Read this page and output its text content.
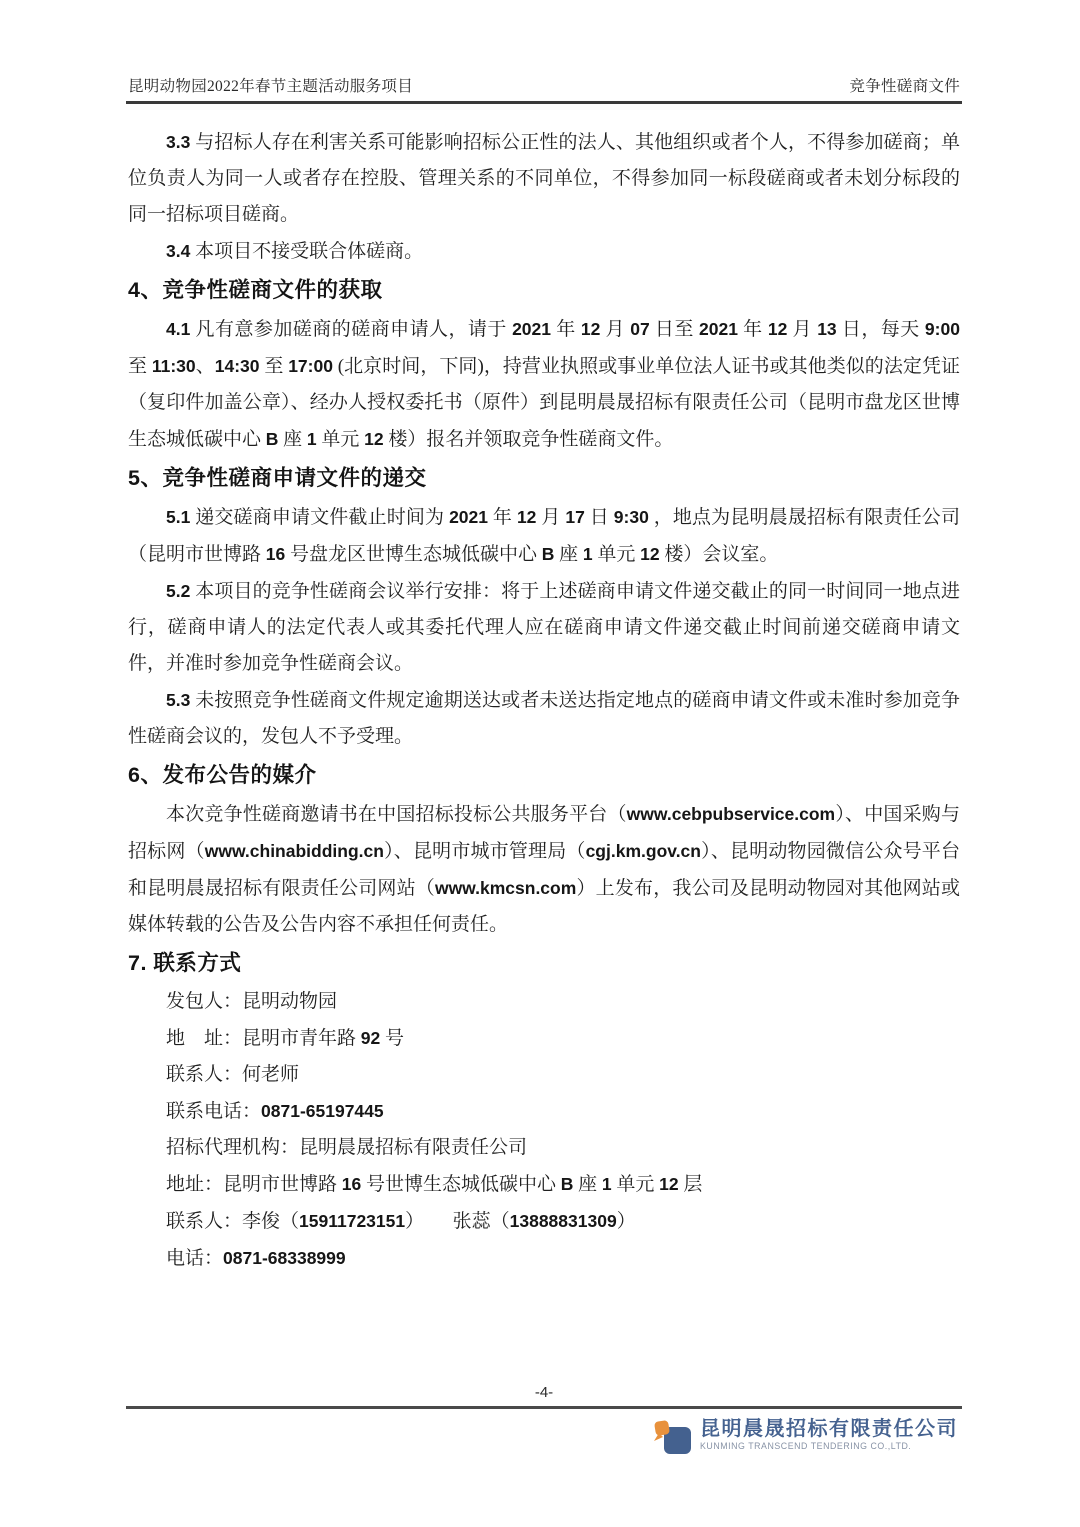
昆明动物园2022年春节主题活动服务项目	竞争性磋商文件

3.3 与招标人存在利害关系可能影响招标公正性的法人、其他组织或者个人，不得参加磋商；单位负责人为同一人或者存在控股、管理关系的不同单位，不得参加同一标段磋商或者未划分标段的同一招标项目磋商。

3.4 本项目不接受联合体磋商。

4、竞争性磋商文件的获取

4.1 凡有意参加磋商的磋商申请人，请于 2021 年 12 月 07 日至 2021 年 12 月 13 日，每天 9:00 至 11:30、14:30 至 17:00 (北京时间，下同)，持营业执照或事业单位法人证书或其他类似的法定凭证（复印件加盖公章）、经办人授权委托书（原件）到昆明晨晟招标有限责任公司（昆明市盘龙区世博生态城低碳中心 B 座 1 单元 12 楼）报名并领取竞争性磋商文件。

5、竞争性磋商申请文件的递交

5.1 递交磋商申请文件截止时间为 2021 年 12 月 17 日 9:30 ，地点为昆明晨晟招标有限责任公司（昆明市世博路 16 号盘龙区世博生态城低碳中心 B 座 1 单元 12 楼）会议室。

5.2 本项目的竞争性磋商会议举行安排：将于上述磋商申请文件递交截止的同一时间同一地点进行，磋商申请人的法定代表人或其委托代理人应在磋商申请文件递交截止时间前递交磋商申请文件，并准时参加竞争性磋商会议。

5.3 未按照竞争性磋商文件规定逾期送达或者未送达指定地点的磋商申请文件或未准时参加竞争性磋商会议的，发包人不予受理。

6、发布公告的媒介

本次竞争性磋商邀请书在中国招标投标公共服务平台（www.cebpubservice.com）、中国采购与招标网（www.chinabidding.cn）、昆明市城市管理局（cgj.km.gov.cn）、昆明动物园微信公众号平台和昆明晨晟招标有限责任公司网站（www.kmcsn.com）上发布，我公司及昆明动物园对其他网站或媒体转载的公告及公告内容不承担任何责任。

7. 联系方式
发包人：昆明动物园
地　址：昆明市青年路 92 号
联系人：何老师
联系电话：0871-65197445
招标代理机构：昆明晨晟招标有限责任公司
地址：昆明市世博路 16 号世博生态城低碳中心 B 座 1 单元 12 层
联系人：李俊（15911723151）　　张蕊（13888831309）
电话：0871-68338999
-4-
昆明晨晟招标有限责任公司
KUNMING TRANSCEND TENDERING CO.,LTD.
